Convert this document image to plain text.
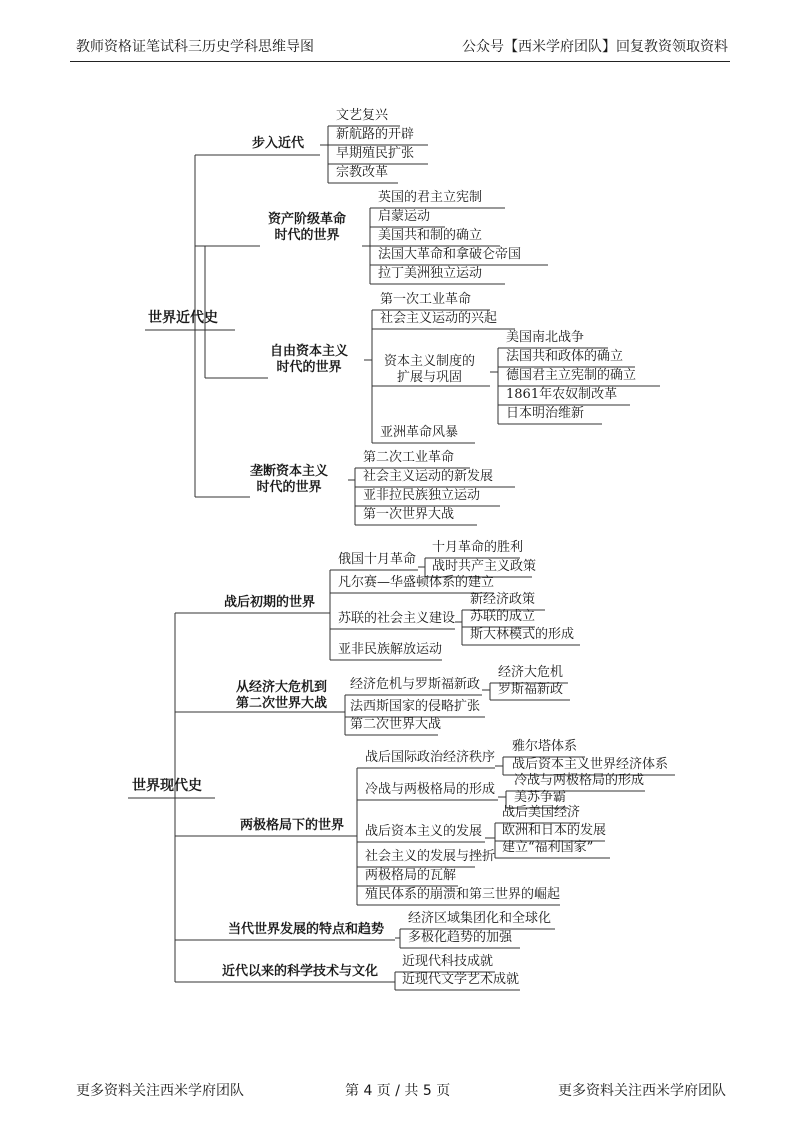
教师资格证笔试科三历史学科思维导图	公众号【西米学府团队】回复教资领取资料
世界近代史
步入近代
文艺复兴
新航路的开辟
早期殖民扩张
宗教改革
资产阶级革命
时代的世界
英国的君主立宪制
启蒙运动
美国共和制的确立
法国大革命和拿破仑帝国
拉丁美洲独立运动
自由资本主义
时代的世界
第一次工业革命
社会主义运动的兴起
资本主义制度的
扩展与巩固
美国南北战争
法国共和政体的确立
德国君主立宪制的确立
1861年农奴制改革
日本明治维新
亚洲革命风暴
垄断资本主义
时代的世界
第二次工业革命
社会主义运动的新发展
亚非拉民族独立运动
第一次世界大战
世界现代史
战后初期的世界
俄国十月革命
十月革命的胜利
战时共产主义政策
凡尔赛—华盛顿体系的建立
苏联的社会主义建设
新经济政策
苏联的成立
斯大林模式的形成
亚非民族解放运动
从经济大危机到
第二次世界大战
经济危机与罗斯福新政
经济大危机
罗斯福新政
法西斯国家的侵略扩张
第二次世界大战
两极格局下的世界
战后国际政治经济秩序
雅尔塔体系
战后资本主义世界经济体系
冷战与两极格局的形成
冷战与两极格局的形成
美苏争霸
战后资本主义的发展
战后美国经济
欧洲和日本的发展
建立“福利国家”
社会主义的发展与挫折
两极格局的瓦解
殖民体系的崩溃和第三世界的崛起
当代世界发展的特点和趋势
经济区域集团化和全球化
多极化趋势的加强
近代以来的科学技术与文化
近现代科技成就
近现代文学艺术成就
更多资料关注西米学府团队	第 4 页 / 共 5 页	更多资料关注西米学府团队
